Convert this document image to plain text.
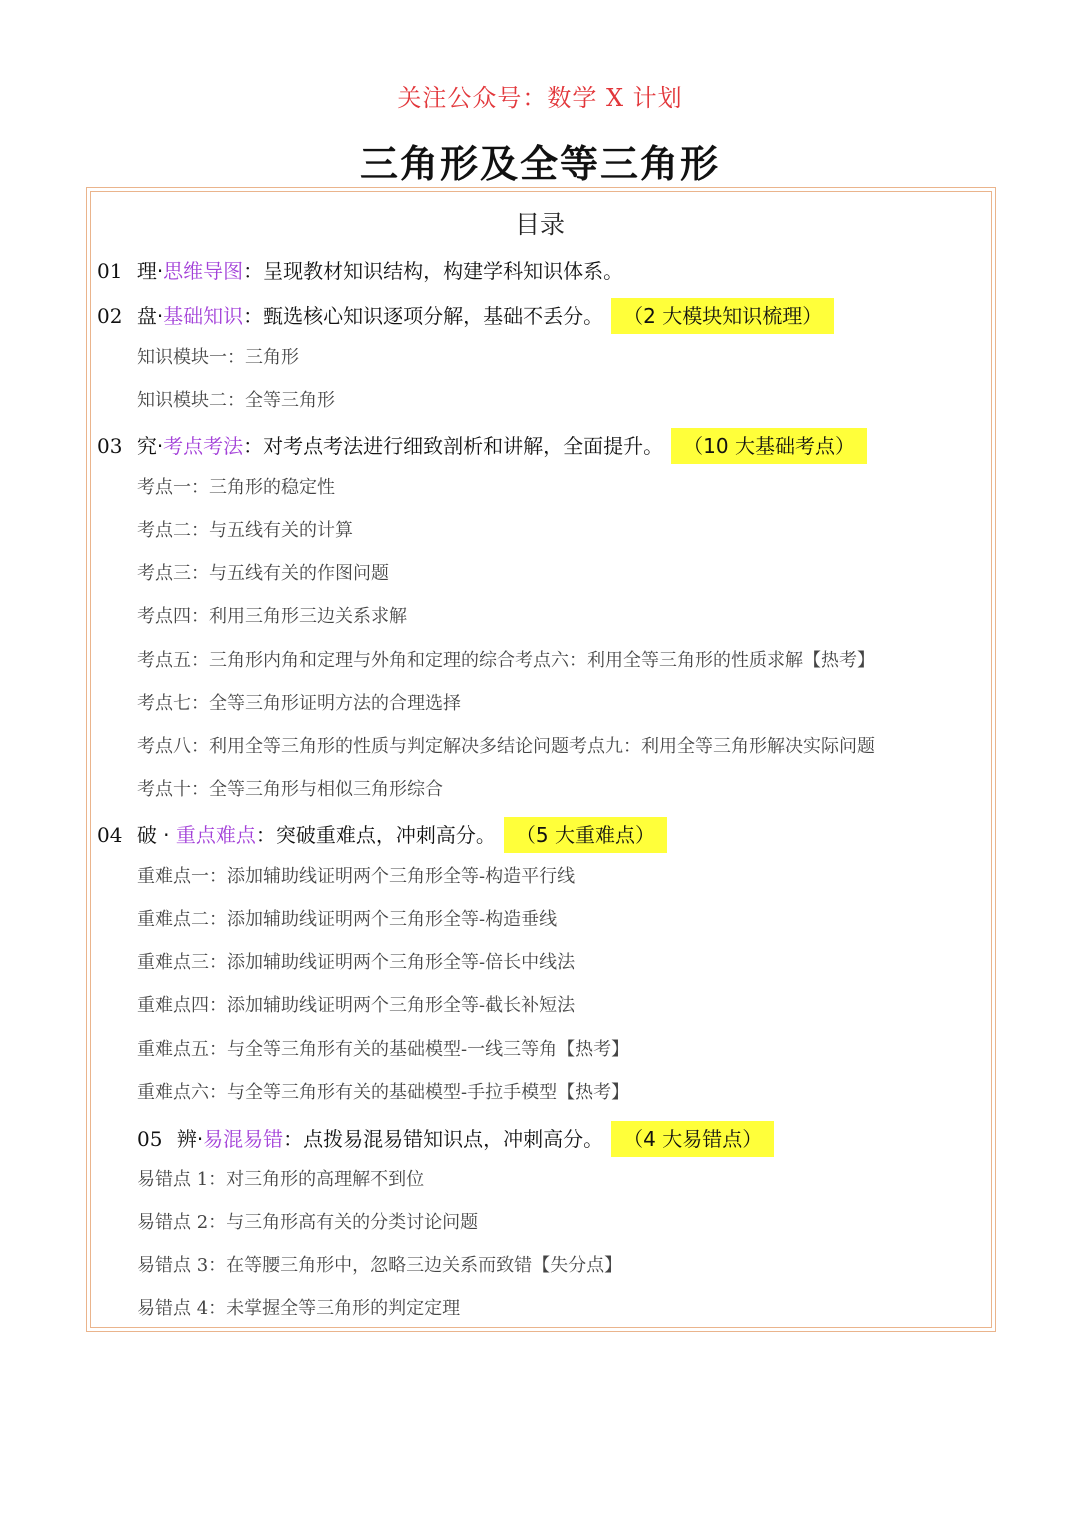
关注公众号：数学 X 计划
三角形及全等三角形
目录
01 理·思维导图：呈现教材知识结构，构建学科知识体系。
02 盘·基础知识：甄选核心知识逐项分解，基础不丢分。 （2 大模块知识梳理）
知识模块一：三角形
知识模块二：全等三角形
03 究·考点考法：对考点考法进行细致剖析和讲解，全面提升。 （10 大基础考点）
考点一：三角形的稳定性
考点二：与五线有关的计算
考点三：与五线有关的作图问题
考点四：利用三角形三边关系求解
考点五：三角形内角和定理与外角和定理的综合考点六：利用全等三角形的性质求解【热考】
考点七：全等三角形证明方法的合理选择
考点八：利用全等三角形的性质与判定解决多结论问题考点九：利用全等三角形解决实际问题
考点十：全等三角形与相似三角形综合
04 破 · 重点难点：突破重难点，冲刺高分。 （5 大重难点）
重难点一：添加辅助线证明两个三角形全等-构造平行线
重难点二：添加辅助线证明两个三角形全等-构造垂线
重难点三：添加辅助线证明两个三角形全等-倍长中线法
重难点四：添加辅助线证明两个三角形全等-截长补短法
重难点五：与全等三角形有关的基础模型-一线三等角【热考】
重难点六：与全等三角形有关的基础模型-手拉手模型【热考】
05 辨·易混易错：点拨易混易错知识点，冲刺高分。 （4 大易错点）
易错点 1：对三角形的高理解不到位
易错点 2：与三角形高有关的分类讨论问题
易错点 3：在等腰三角形中，忽略三边关系而致错【失分点】
易错点 4：未掌握全等三角形的判定定理
